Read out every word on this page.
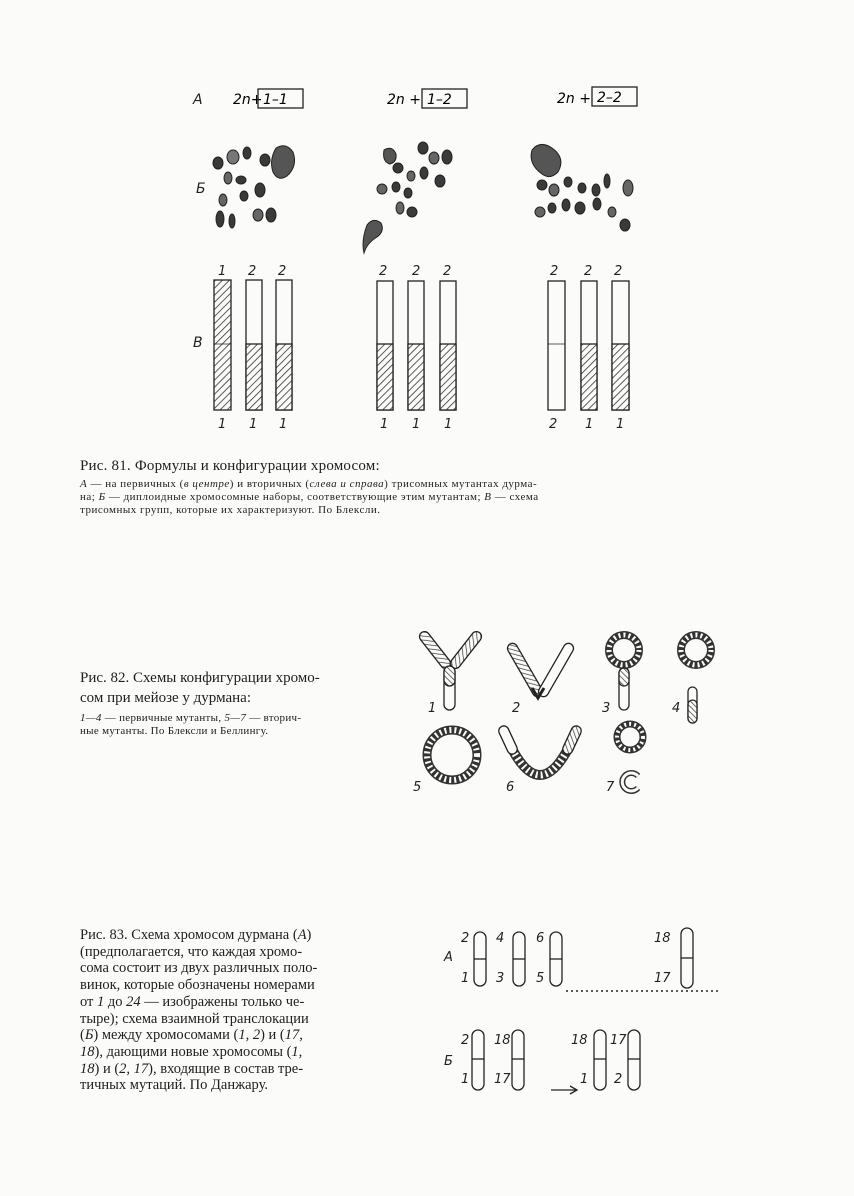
А 2n+ 1–1	2n + 1–2	2n + 2–2
Б
В
1 2 2
1 1 1
2 2 2
1 1 1
2 2 2
2 1 1
1	2	3	4
5	6	7
А
2
1
4
3
6
5
18
17
Б
2
1
18
17
18
1
17
2
Рис. 81. Формулы и конфигурации хромосом:
А — на первичных (в центре) и вторичных (слева и справа) трисомных мутантах дурма-
на; Б — диплоидные хромосомные наборы, соответствующие этим мутантам; В — схема
трисомных групп, которые их характеризуют. По Блексли.
Рис. 82. Схемы конфигурации хромо-
сом при мейозе у дурмана:
1—4 — первичные мутанты, 5—7 — вторич-
ные мутанты. По Блексли и Беллингу.
Рис. 83. Схема хромосом дурмана (А)
(предполагается, что каждая хромо-
сома состоит из двух различных поло-
винок, которые обозначены номерами
от 1 до 24 — изображены только че-
тыре); схема взаимной транслокации
(Б) между хромосомами (1, 2) и (17,
18), дающими новые хромосомы (1,
18) и (2, 17), входящие в состав тре-
тичных мутаций. По Данжару.
